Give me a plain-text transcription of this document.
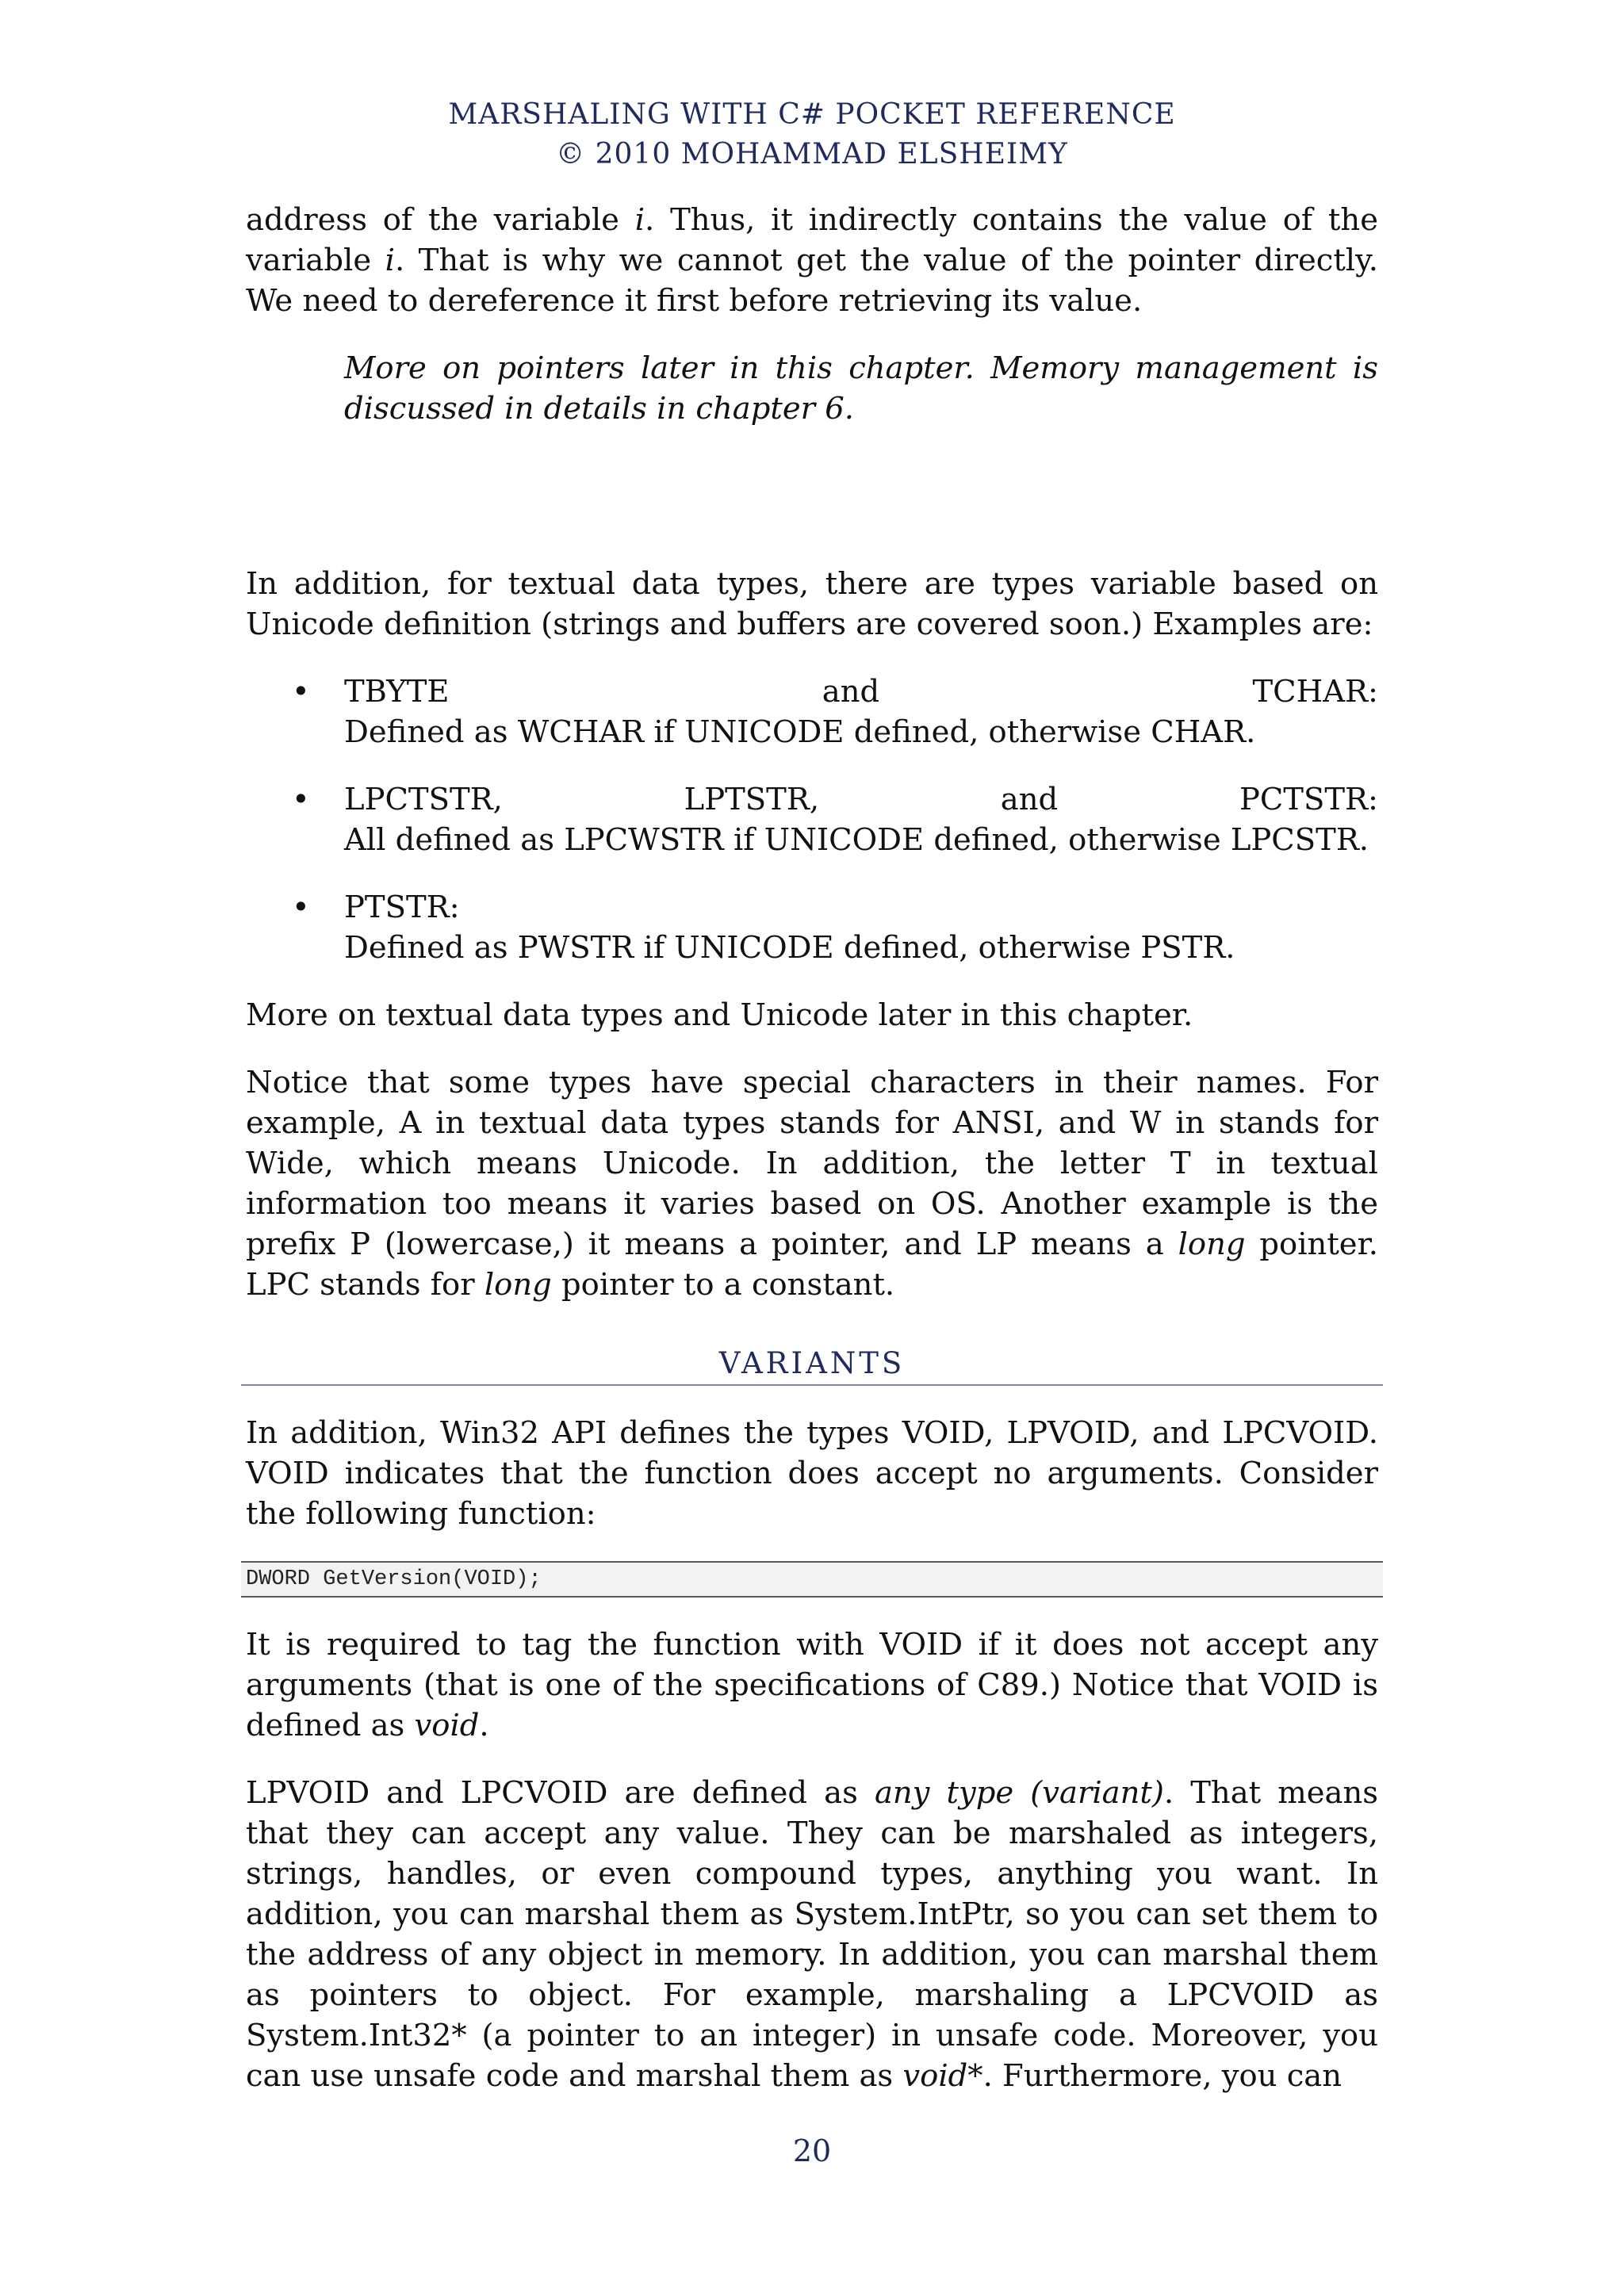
MARSHALING WITH C# POCKET REFERENCE
© 2010 MOHAMMAD ELSHEIMY

address of the variable i. Thus, it indirectly contains the value of the variable i. That is why we cannot get the value of the pointer directly. We need to dereference it first before retrieving its value.

More on pointers later in this chapter. Memory management is discussed in details in chapter 6.

In addition, for textual data types, there are types variable based on Unicode definition (strings and buffers are covered soon.) Examples are:

• TBYTE	and	TCHAR:
Defined as WCHAR if UNICODE defined, otherwise CHAR.
• LPCTSTR,	LPTSTR,	and	PCTSTR:
All defined as LPCWSTR if UNICODE defined, otherwise LPCSTR.
• PTSTR:
Defined as PWSTR if UNICODE defined, otherwise PSTR.

More on textual data types and Unicode later in this chapter.

Notice that some types have special characters in their names. For example, A in textual data types stands for ANSI, and W in stands for Wide, which means Unicode. In addition, the letter T in textual information too means it varies based on OS. Another example is the prefix P (lowercase,) it means a pointer, and LP means a long pointer. LPC stands for long pointer to a constant.

VARIANTS

In addition, Win32 API defines the types VOID, LPVOID, and LPCVOID. VOID indicates that the function does accept no arguments. Consider the following function:

DWORD GetVersion(VOID);

It is required to tag the function with VOID if it does not accept any arguments (that is one of the specifications of C89.) Notice that VOID is defined as void.

LPVOID and LPCVOID are defined as any type (variant). That means that they can accept any value. They can be marshaled as integers, strings, handles, or even compound types, anything you want. In addition, you can marshal them as System.IntPtr, so you can set them to the address of any object in memory. In addition, you can marshal them as pointers to object. For example, marshaling a LPCVOID as System.Int32* (a pointer to an integer) in unsafe code. Moreover, you can use unsafe code and marshal them as void*. Furthermore, you can

20
